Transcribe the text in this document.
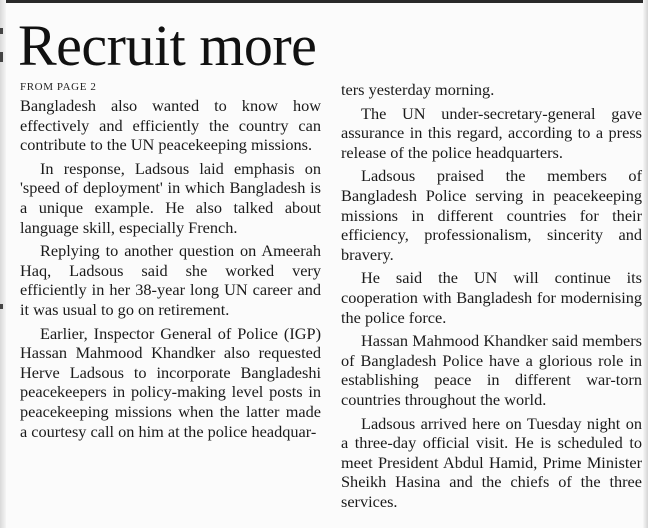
Recruit more
FROM PAGE 2

Bangladesh also wanted to know how effectively and efficiently the country can contribute to the UN peacekeeping missions.

In response, Ladsous laid emphasis on 'speed of deployment' in which Bangladesh is a unique example. He also talked about language skill, especially French.

Replying to another question on Ameerah Haq, Ladsous said she worked very efficiently in her 38-year long UN career and it was usual to go on retirement.

Earlier, Inspector General of Police (IGP) Hassan Mahmood Khandker also requested Herve Ladsous to incorporate Bangladeshi peacekeepers in policy-making level posts in peacekeeping missions when the latter made a courtesy call on him at the police headquar-

ters yesterday morning.

The UN under-secretary-general gave assurance in this regard, according to a press release of the police headquarters.

Ladsous praised the members of Bangladesh Police serving in peacekeeping missions in different countries for their efficiency, professionalism, sincerity and bravery.

He said the UN will continue its cooperation with Bangladesh for modernising the police force.

Hassan Mahmood Khandker said members of Bangladesh Police have a glorious role in establishing peace in different war-torn countries throughout the world.

Ladsous arrived here on Tuesday night on a three-day official visit. He is scheduled to meet President Abdul Hamid, Prime Minister Sheikh Hasina and the chiefs of the three services.
